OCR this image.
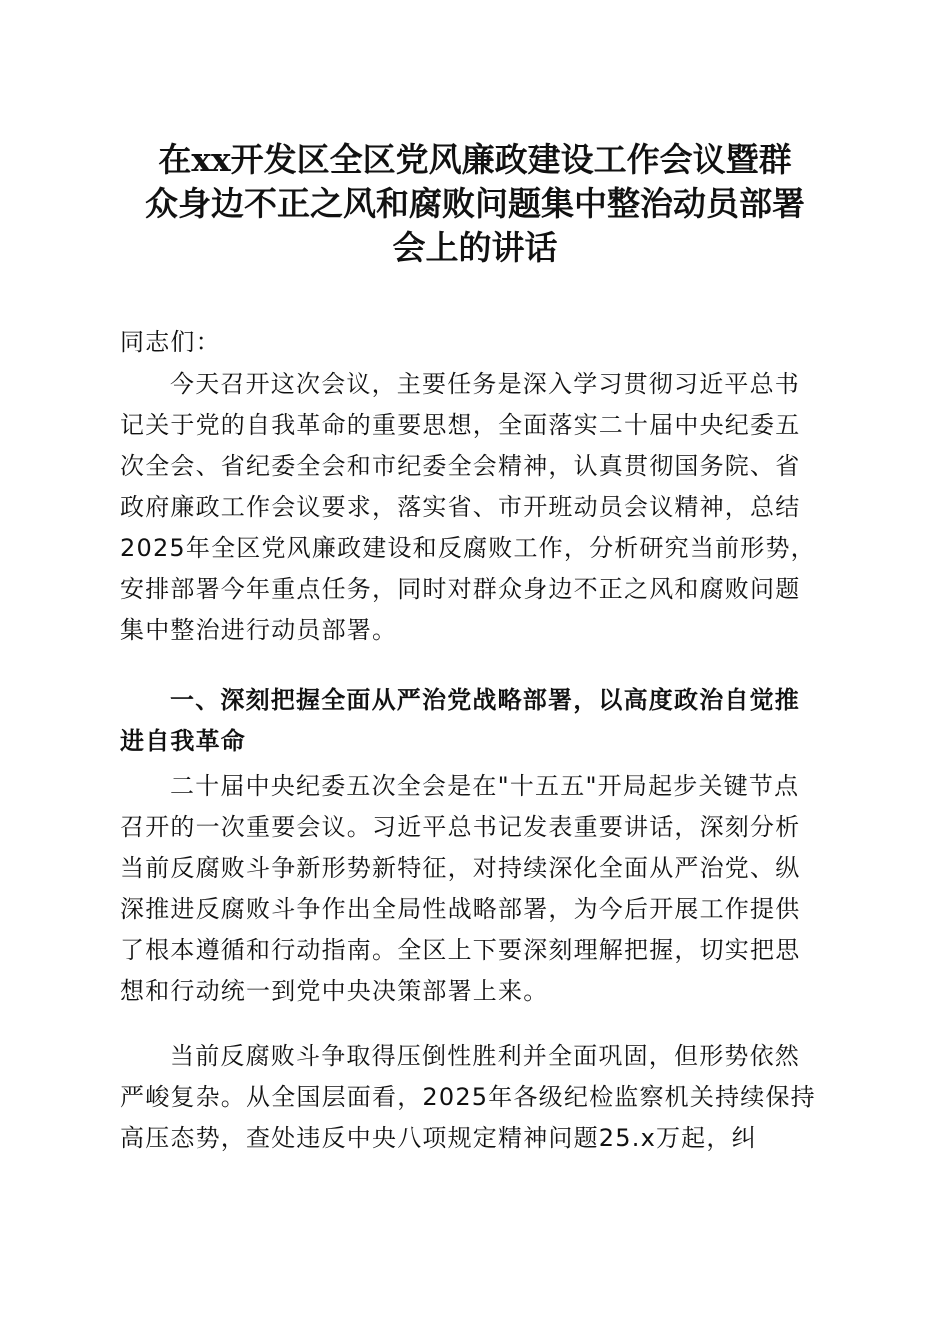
在xx开发区全区党风廉政建设工作会议暨群
众身边不正之风和腐败问题集中整治动员部署
会上的讲话
同志们：
今天召开这次会议，主要任务是深入学习贯彻习近平总书
记关于党的自我革命的重要思想，全面落实二十届中央纪委五
次全会、省纪委全会和市纪委全会精神，认真贯彻国务院、省
政府廉政工作会议要求，落实省、市开班动员会议精神，总结
2025年全区党风廉政建设和反腐败工作，分析研究当前形势，
安排部署今年重点任务，同时对群众身边不正之风和腐败问题
集中整治进行动员部署。
一、深刻把握全面从严治党战略部署，以高度政治自觉推
进自我革命
二十届中央纪委五次全会是在"十五五"开局起步关键节点
召开的一次重要会议。习近平总书记发表重要讲话，深刻分析
当前反腐败斗争新形势新特征，对持续深化全面从严治党、纵
深推进反腐败斗争作出全局性战略部署，为今后开展工作提供
了根本遵循和行动指南。全区上下要深刻理解把握，切实把思
想和行动统一到党中央决策部署上来。
当前反腐败斗争取得压倒性胜利并全面巩固，但形势依然
严峻复杂。从全国层面看，2025年各级纪检监察机关持续保持
高压态势，查处违反中央八项规定精神问题25.x万起，纠
